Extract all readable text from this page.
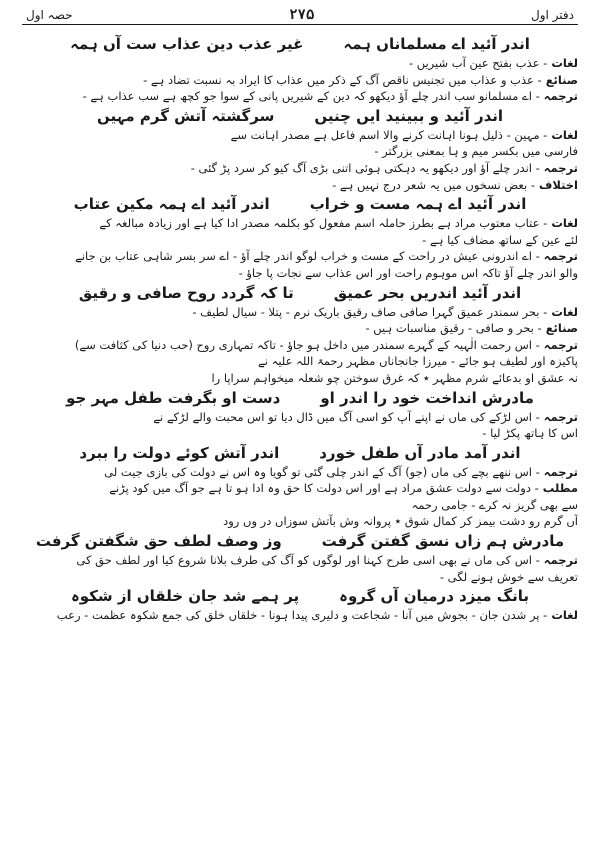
دفتر اول
۲۷۵
حصہ اول
اندر آئید اے مسلماناں ہمہغیر عذب دین عذاب ست آں ہمہ
لغات- عذب بفتح عین آب شیریں -
صنائع- عذب و عذاب میں تجنیس ناقص آگ کے ذکر میں عذاب کا ایراد بہ نسبت تضاد ہے -
ترجمہ- اے مسلمانو سب اندر چلے آؤ دیکھو کہ دین کے شیریں پانی کے سوا جو کچھ ہے سب عذاب ہے -
اندر آئید و ببینید ایں چنیںسرگشتہ آتش گرم مہیں
لغات- مہین - ذلیل ہونا اہانت کرنے والا اسم فاعل ہے مصدر اہانت سے
فارسی میں بکسر میم و ہا بمعنی بزرگتر -
ترجمہ- اندر چلے آؤ اور دیکھو یہ دہکتی ہوئی اتنی بڑی آگ کیو کر سرد پڑ گئی -
اختلاف- بعض نسخوں میں یہ شعر درج نہیں ہے -
اندر آئید اے ہمہ مست و خراباندر آئید اے ہمہ مکین عتاب
لغات- عتاب معتوب مراد ہے بطرز حاملہ اسم مفعول کو بکلمہ مصدر ادا کیا ہے اور زیادہ مبالغہ کے
لئے عین کے ساتھ مضاف کیا ہے -
ترجمہ- اے اندرونی عیش در راحت کے مست و خراب لوگو اندر چلے آؤ - اے سر بسر شاہی عتاب بن جانے
والو اندر چلے آؤ تاکہ اس موہوم راحت اور اس عذاب سے نجات پا جاؤ -
اندر آئید اندریں بحر عمیقتا کہ گردد روح صافی و رقیق
لغات- بحر سمندر عمیق گہرا صافی صاف رقیق باریک نرم - پتلا - سیال لطیف -
صنائع- بحر و صافی - رقیق مناسبات ہیں -
ترجمہ- اس رحمت الٰہیہ کے گہرے سمندر میں داخل ہو جاؤ - تاکہ تمہاری روح (حب دنیا کی کثافت سے)
پاکیزہ اور لطیف ہو جائے - میرزا جانجاناں مظہر رحمۃ اللہ علیہ نے
نہ عشق او بدعائے شرم مظہر ٭ کہ غرق سوختن چو شعلہ میخواہم سراپا را
مادرش انداخت خود را اندر اودست او بگرفت طفل مہر جو
ترجمہ- اس لڑکے کی ماں نے اپنے آپ کو اسی آگ میں ڈال دیا تو اس محبت والے لڑکے نے
اس کا ہاتھ پکڑ لیا -
اندر آمد مادر آں طفل خورداندر آتش کوئے دولت را ببرد
ترجمہ- اس ننھے بچے کی ماں (جو) آگ کے اندر چلی گئی تو گویا وہ اس نے دولت کی بازی جیت لی
مطلب- دولت سے دولت عشق مراد ہے اور اس دولت کا حق وہ ادا ہو تا ہے جو آگ میں کود پڑنے
سے بھی گریز نہ کرے - جامی رحمہ
آں گرم رو دشت بیمز کر کمال شوق ٭ پروانہ وش بآتش سوزاں در وں رود
مادرش ہم زاں نسق گفتن گرفتوز وصف لطف حق شگفتن گرفت
ترجمہ- اس کی ماں نے بھی اسی طرح کہنا اور لوگوں کو آگ کی طرف بلانا شروع کیا اور لطف حق کی
تعریف سے خوش ہونے لگی -
بانگ میزد درمیان آں گروہپر ہمے شد جان خلقاں از شکوہ
لغات- پر شدن جان - بجوش میں آنا - شجاعت و دلیری پیدا ہونا - خلقاں خلق کی جمع شکوہ عظمت - رعب
